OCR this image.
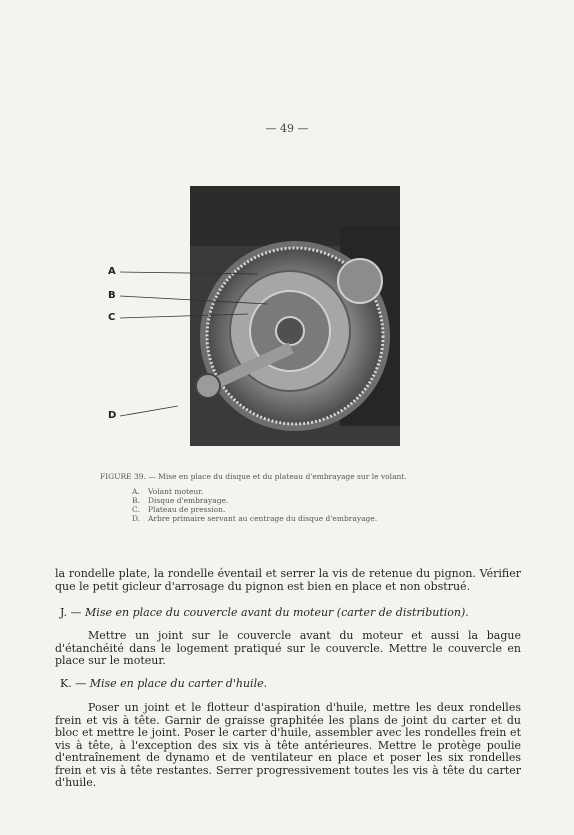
— 49 —
A
B
C
D
FIGURE 39. — Mise en place du disque et du plateau d'embrayage sur le volant.
A. Volant moteur.
B. Disque d'embrayage.
C. Plateau de pression.
D. Arbre primaire servant au centrage du disque d'embrayage.
la rondelle plate, la rondelle éventail et serrer la vis de retenue du pignon. Vérifier que le petit gicleur d'arrosage du pignon est bien en place et non obstrué.
J. — Mise en place du couvercle avant du moteur (carter de distribution).
Mettre un joint sur le couvercle avant du moteur et aussi la bague d'étanchéité dans le logement pratiqué sur le couvercle. Mettre le couvercle en place sur le moteur.
K. — Mise en place du carter d'huile.
Poser un joint et le flotteur d'aspiration d'huile, mettre les deux rondelles frein et vis à tête. Garnir de graisse graphitée les plans de joint du carter et du bloc et mettre le joint. Poser le carter d'huile, assembler avec les rondelles frein et vis à tête, à l'exception des six vis à tête antérieures. Mettre le protège poulie d'entraînement de dynamo et de ventilateur en place et poser les six rondelles frein et vis à tête restantes. Serrer progressivement toutes les vis à tête du carter d'huile.
